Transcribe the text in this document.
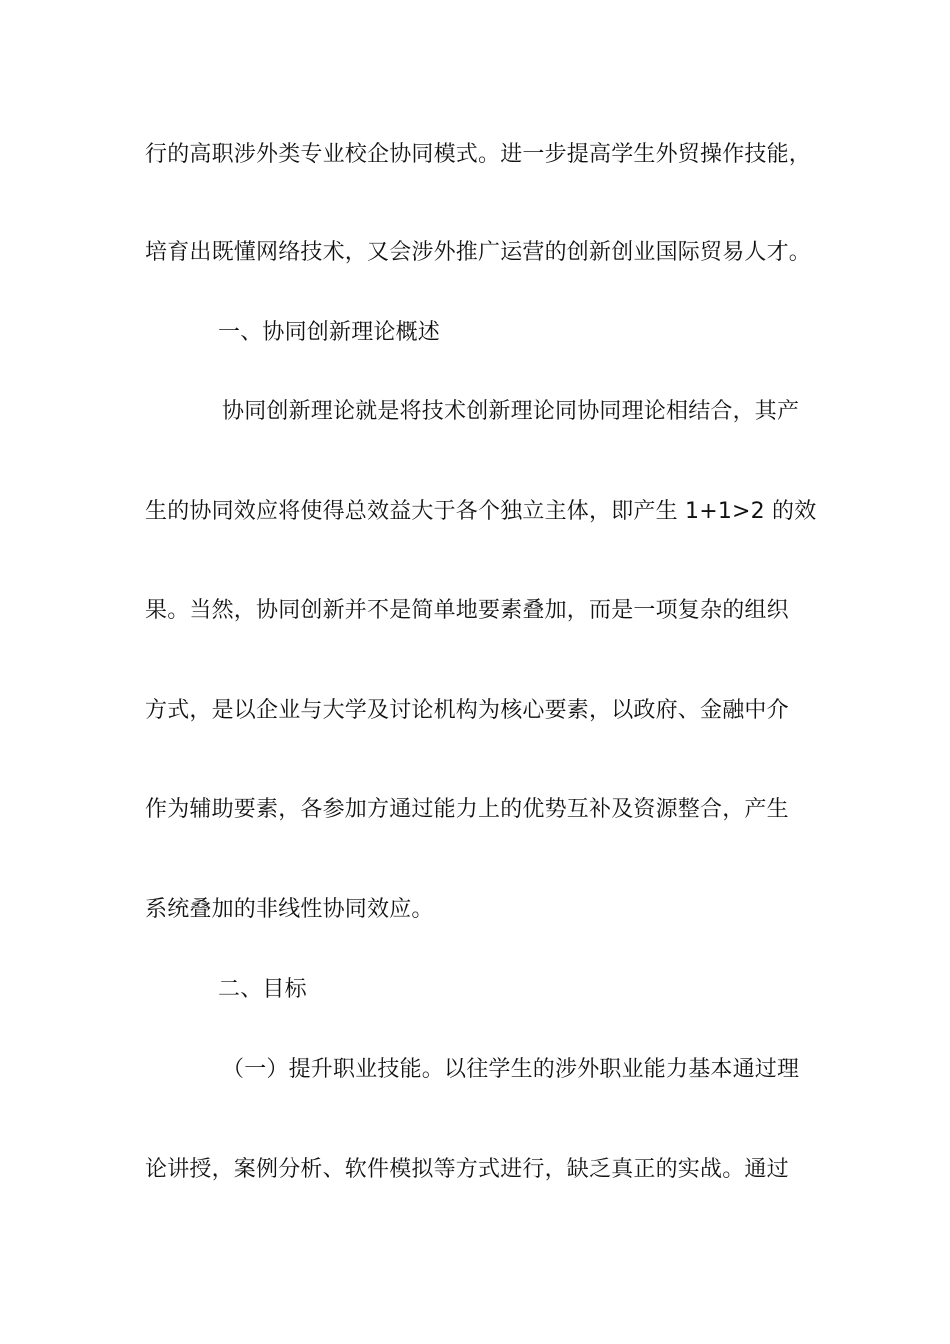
行的高职涉外类专业校企协同模式。进一步提高学生外贸操作技能，

培育出既懂网络技术，又会涉外推广运营的创新创业国际贸易人才。

一、协同创新理论概述

协同创新理论就是将技术创新理论同协同理论相结合，其产

生的协同效应将使得总效益大于各个独立主体，即产生 1+1>2 的效

果。当然，协同创新并不是简单地要素叠加，而是一项复杂的组织

方式，是以企业与大学及讨论机构为核心要素，以政府、金融中介

作为辅助要素，各参加方通过能力上的优势互补及资源整合，产生

系统叠加的非线性协同效应。

二、目标

（一）提升职业技能。以往学生的涉外职业能力基本通过理

论讲授，案例分析、软件模拟等方式进行，缺乏真正的实战。通过
